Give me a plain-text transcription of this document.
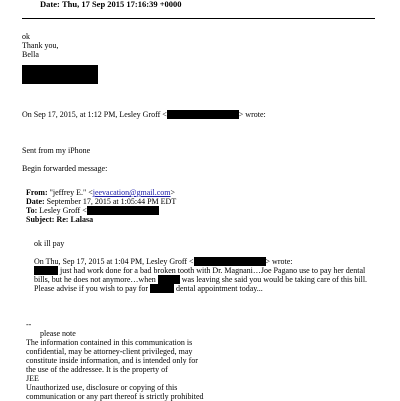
Date: Thu, 17 Sep 2015 17:16:39 +0000
ok
Thank you,
Bella
On Sep 17, 2015, at 1:12 PM, Lesley Groff <	> wrote:
Sent from my iPhone
Begin forwarded message:
From: "jeffrey E." <jeevacation@gmail.com>
Date: September 17, 2015 at 1:05:44 PM EDT
To: Lesley Groff <
Subject: Re: Lalasa
ok ill pay
On Thu, Sep 17, 2015 at 1:04 PM, Lesley Groff <	> wrote:
just had work done for a bad broken tooth with Dr. Magnani…Joe Pagano use to pay her dental
bills, but he does not anymore…when	was leaving she said you would be taking care of this bill.
Please advise if you wish to pay for	dental appointment today...
--
please note
The information contained in this communication is
confidential, may be attorney-client privileged, may
constitute inside information, and is intended only for
the use of the addressee. It is the property of
JEE
Unauthorized use, disclosure or copying of this
communication or any part thereof is strictly prohibited
